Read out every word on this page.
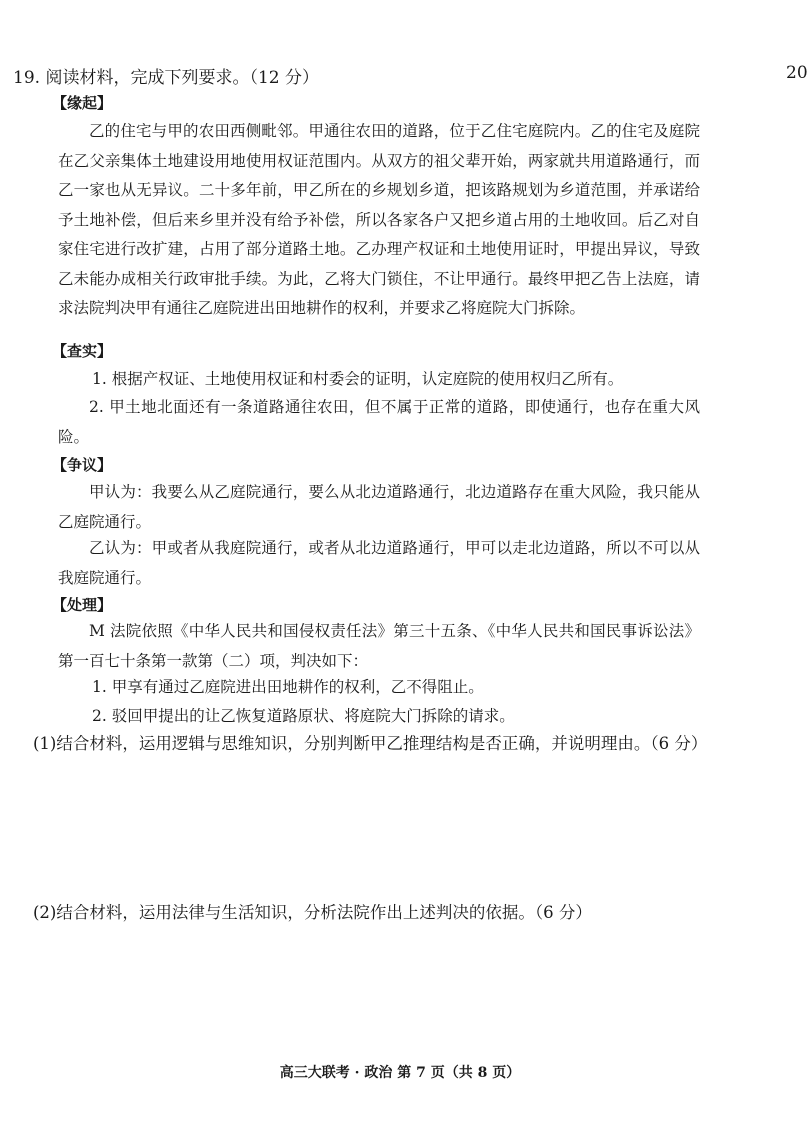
19. 阅读材料，完成下列要求。（12 分）	20
【缘起】
乙的住宅与甲的农田西侧毗邻。甲通往农田的道路，位于乙住宅庭院内。乙的住宅及庭院在乙父亲集体土地建设用地使用权证范围内。从双方的祖父辈开始，两家就共用道路通行，而乙一家也从无异议。二十多年前，甲乙所在的乡规划乡道，把该路规划为乡道范围，并承诺给予土地补偿，但后来乡里并没有给予补偿，所以各家各户又把乡道占用的土地收回。后乙对自家住宅进行改扩建，占用了部分道路土地。乙办理产权证和土地使用证时，甲提出异议，导致乙未能办成相关行政审批手续。为此，乙将大门锁住，不让甲通行。最终甲把乙告上法庭，请求法院判决甲有通往乙庭院进出田地耕作的权利，并要求乙将庭院大门拆除。
【查实】
1. 根据产权证、土地使用权证和村委会的证明，认定庭院的使用权归乙所有。
2. 甲土地北面还有一条道路通往农田，但不属于正常的道路，即使通行，也存在重大风险。
【争议】
甲认为：我要么从乙庭院通行，要么从北边道路通行，北边道路存在重大风险，我只能从乙庭院通行。
乙认为：甲或者从我庭院通行，或者从北边道路通行，甲可以走北边道路，所以不可以从我庭院通行。
【处理】
M 法院依照《中华人民共和国侵权责任法》第三十五条、《中华人民共和国民事诉讼法》第一百七十条第一款第（二）项，判决如下：
1. 甲享有通过乙庭院进出田地耕作的权利，乙不得阻止。
2. 驳回甲提出的让乙恢复道路原状、将庭院大门拆除的请求。
(1)结合材料，运用逻辑与思维知识，分别判断甲乙推理结构是否正确，并说明理由。（6 分）
(2)结合材料，运用法律与生活知识，分析法院作出上述判决的依据。（6 分）
高三大联考 · 政治 第 7 页（共 8 页）
